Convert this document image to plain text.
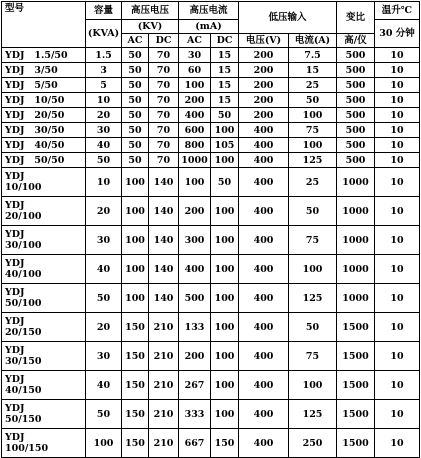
型号	容量	高压电压		高压电流		低压输入		变比	温升℃
	(KVA)	(KV)		(mA)					30 分钟
		AC	DC	AC	DC	电压(V)	电流(A)	高/仪	

YDJ   1.5/50	1.5	50	70	30	15	200	7.5	500	10

YDJ   3/50	3	50	70	60	15	200	15	500	10

YDJ   5/50	5	50	70	100	15	200	25	500	10

YDJ   10/50	10	50	70	200	15	200	50	500	10

YDJ   20/50	20	50	70	400	50	200	100	500	10

YDJ   30/50	30	50	70	600	100	400	75	500	10

YDJ   40/50	40	50	70	800	105	400	100	500	10

YDJ   50/50	50	50	70	1000	100	400	125	500	10

YDJ
10/100	10	100	140	100	50	400	25	1000	10

YDJ
20/100	20	100	140	200	100	400	50	1000	10

YDJ
30/100	30	100	140	300	100	400	75	1000	10

YDJ
40/100	40	100	140	400	100	400	100	1000	10

YDJ
50/100	50	100	140	500	100	400	125	1000	10

YDJ
20/150	20	150	210	133	100	400	50	1500	10

YDJ
30/150	30	150	210	200	100	400	75	1500	10

YDJ
40/150	40	150	210	267	100	400	100	1500	10

YDJ
50/150	50	150	210	333	100	400	125	1500	10

YDJ
100/150	100	150	210	667	150	400	250	1500	10
